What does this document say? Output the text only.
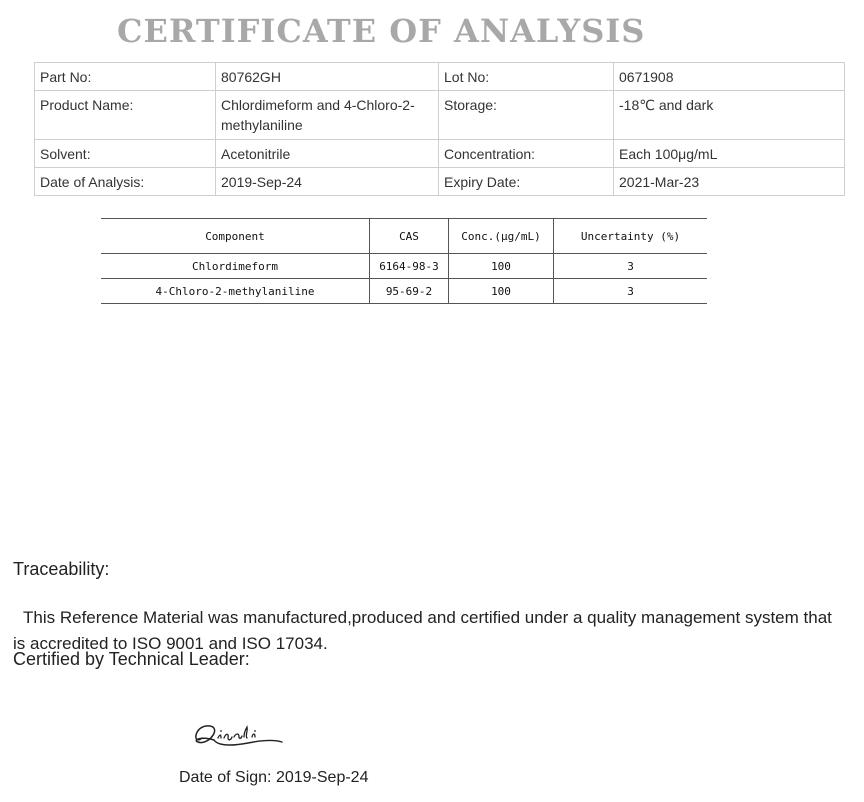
CERTIFICATE OF ANALYSIS
Part No:	80762GH	Lot No:	0671908
Product Name:	Chlordimeform and 4-Chloro-2-methylaniline	Storage:	-18℃ and dark
Solvent:	Acetonitrile	Concentration:	Each 100μg/mL
Date of Analysis:	2019-Sep-24	Expiry Date:	2021-Mar-23
Component	CAS	Conc.(μg/mL)	Uncertainty (%)
Chlordimeform	6164-98-3	100	3
4-Chloro-2-methylaniline	95-69-2	100	3
Traceability:
This Reference Material was manufactured,produced and certified under a quality management system that is accredited to ISO 9001 and ISO 17034.
Certified by Technical Leader:
Date of Sign: 2019-Sep-24
